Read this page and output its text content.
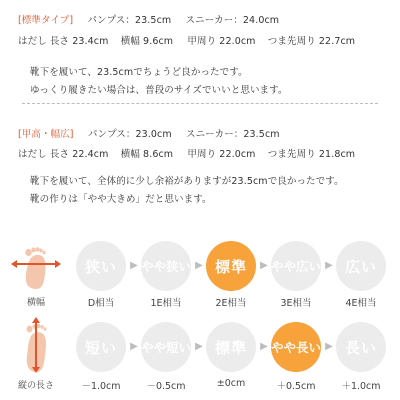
[標準タイプ] パンプス：23.5cm スニーカー：24.0cm
はだし 長さ 23.4cm 横幅 9.6cm 甲周り 22.0cm つま先周り 22.7cm
靴下を履いて、23.5cmでちょうど良かったです。
ゆっくり履きたい場合は、普段のサイズでいいと思います。
[甲高・幅広] パンプス：23.0cm スニーカー：23.5cm
はだし 長さ 22.4cm 横幅 8.6cm 甲周り 22.0cm つま先周り 21.8cm
靴下を履いて、全体的に少し余裕がありますが23.5cmで良かったです。
靴の作りは「やや大きめ」だと思います。
横幅
狭い
D相当
▶ やや狭い
1E相当
▶ 標準
2E相当
▶ やや広い
3E相当
▶ 広い
4E相当
縦の長さ
短い
－1.0cm
▶ やや短い
－0.5cm
▶ 標準
±0cm
▶ やや長い
＋0.5cm
▶ 長い
＋1.0cm
